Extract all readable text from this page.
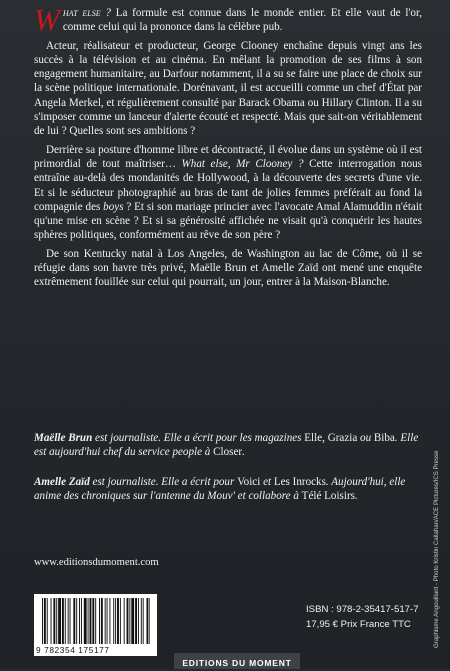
What else ? La formule est connue dans le monde entier. Et elle vaut de l'or, comme celui qui la prononce dans la célèbre pub.

Acteur, réalisateur et producteur, George Clooney enchaîne depuis vingt ans les succès à la télévision et au cinéma. En mêlant la promotion de ses films à son engagement humanitaire, au Darfour notamment, il a su se faire une place de choix sur la scène politique internationale. Dorénavant, il est accueilli comme un chef d'État par Angela Merkel, et régulièrement consulté par Barack Obama ou Hillary Clinton. Il a su s'imposer comme un lanceur d'alerte écouté et respecté. Mais que sait-on véritablement de lui ? Quelles sont ses ambitions ?

Derrière sa posture d'homme libre et décontracté, il évolue dans un système où il est primordial de tout maîtriser… What else, Mr Clooney ? Cette interrogation nous entraîne au-delà des mondanités de Hollywood, à la découverte des secrets d'une vie. Et si le séducteur photographié au bras de tant de jolies femmes préférait au fond la compagnie des boys ? Et si son mariage princier avec l'avocate Amal Alamuddin n'était qu'une mise en scène ? Et si sa générosité affichée ne visait qu'à conquérir les hautes sphères politiques, conformément au rêve de son père ?

De son Kentucky natal à Los Angeles, de Washington au lac de Côme, où il se réfugie dans son havre très privé, Maëlle Brun et Amelle Zaïd ont mené une enquête extrêmement fouillée sur celui qui pourrait, un jour, entrer à la Maison-Blanche.

Maëlle Brun est journaliste. Elle a écrit pour les magazines Elle, Grazia ou Biba. Elle est aujourd'hui chef du service people à Closer.
Amelle Zaïd est journaliste. Elle a écrit pour Voici et Les Inrocks. Aujourd'hui, elle anime des chroniques sur l'antenne du Mouv' et collabore à Télé Loisirs.
www.editionsdumoment.com
9 782354 175177
ISBN : 978-2-35417-517-7
17,95 € Prix France TTC	Graphisme Angouillant - Photo Kristin Callahan/ACE Pictures/ICS Presse
EDITIONS DU MOMENT
